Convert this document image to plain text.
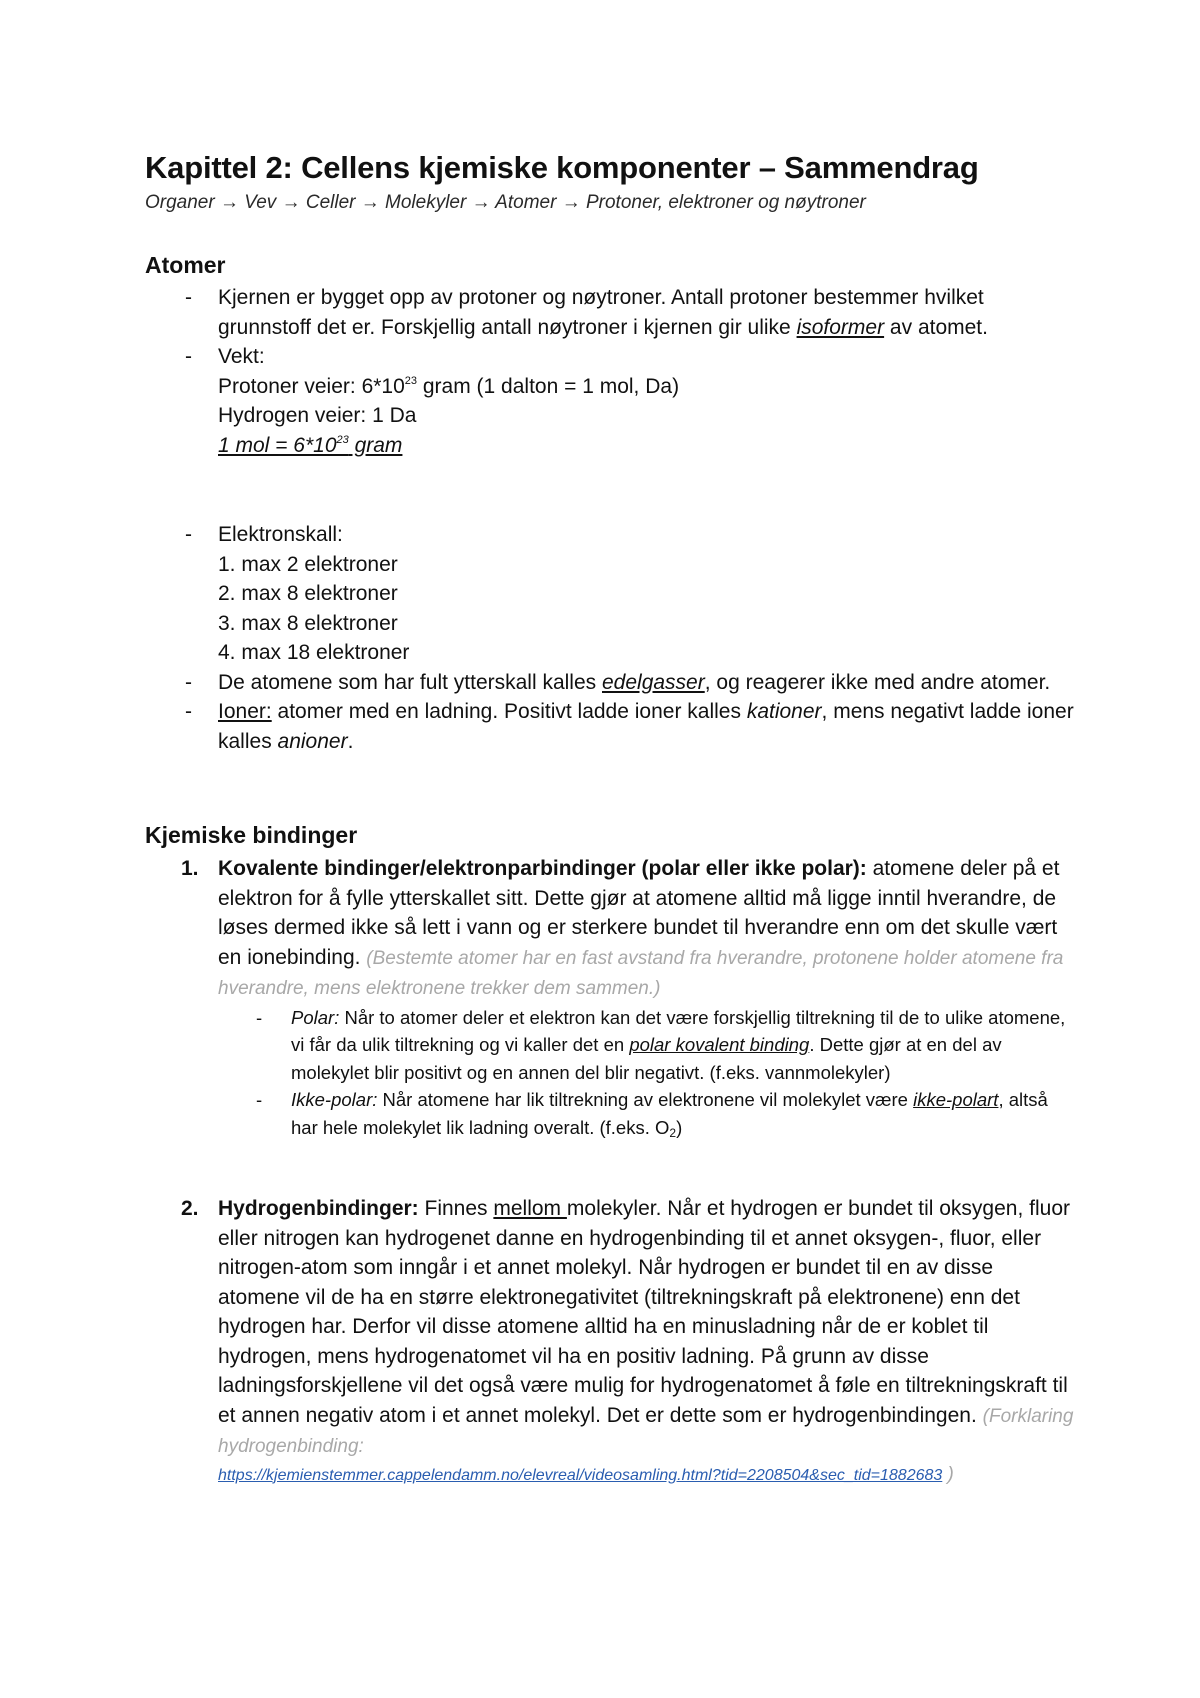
Kapittel 2: Cellens kjemiske komponenter – Sammendrag

Organer → Vev → Celler → Molekyler → Atomer → Protoner, elektroner og nøytroner

Atomer
- Kjernen er bygget opp av protoner og nøytroner. Antall protoner bestemmer hvilket grunnstoff det er. Forskjellig antall nøytroner i kjernen gir ulike isoformer av atomet.
- Vekt:
Protoner veier: $6*10^{23}$ gram (1 dalton = 1 mol, Da)
Hydrogen veier: 1 Da
1 mol = $6*10^{23}$ gram
- Elektronskall:
1. max 2 elektroner
2. max 8 elektroner
3. max 8 elektroner
4. max 18 elektroner
- De atomene som har fult ytterskall kalles edelgasser, og reagerer ikke med andre atomer.
- Ioner: atomer med en ladning. Positivt ladde ioner kalles kationer, mens negativt ladde ioner kalles anioner.
Kjemiske bindinger
1. Kovalente bindinger/elektronparbindinger (polar eller ikke polar): atomene deler på et elektron for å fylle ytterskallet sitt. Dette gjør at atomene alltid må ligge inntil hverandre, de løses dermed ikke så lett i vann og er sterkere bundet til hverandre enn om det skulle vært en ionebinding. (Bestemte atomer har en fast avstand fra hverandre, protonene holder atomene fra hverandre, mens elektronene trekker dem sammen.)
- Polar: Når to atomer deler et elektron kan det være forskjellig tiltrekning til de to ulike atomene, vi får da ulik tiltrekning og vi kaller det en polar kovalent binding. Dette gjør at en del av molekylet blir positivt og en annen del blir negativt. (f.eks. vannmolekyler)
- Ikke-polar: Når atomene har lik tiltrekning av elektronene vil molekylet være ikke-polart, altså har hele molekylet lik ladning overalt. (f.eks. $O_2$)
2. Hydrogenbindinger: Finnes mellom molekyler. Når et hydrogen er bundet til oksygen, fluor eller nitrogen kan hydrogenet danne en hydrogenbinding til et annet oksygen-, fluor, eller nitrogen-atom som inngår i et annet molekyl. Når hydrogen er bundet til en av disse atomene vil de ha en større elektronegativitet (tiltrekningskraft på elektronene) enn det hydrogen har. Derfor vil disse atomene alltid ha en minusladning når de er koblet til hydrogen, mens hydrogenatomet vil ha en positiv ladning. På grunn av disse ladningsforskjellene vil det også være mulig for hydrogenatomet å føle en tiltrekningskraft til et annen negativ atom i et annet molekyl. Det er dette som er hydrogenbindingen. (Forklaring hydrogenbinding:
https://kjemienstemmer.cappelendamm.no/elevreal/videosamling.html?tid=2208504&sec_tid=1882683 )
